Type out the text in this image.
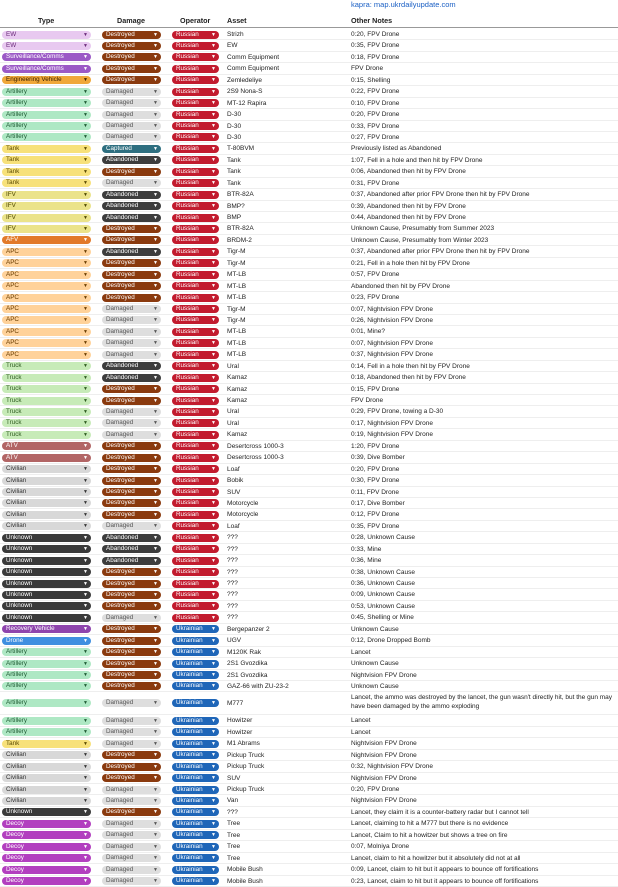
kapra: map.ukrdailyupdate.com
Type	Damage	Operator Asset	Other Notes
EW	▼	Destroyed	▼	Russian ▼ Strizh	0:20, FPV Drone
EW	▼	Destroyed	▼	Russian ▼ EW	0:35, FPV Drone
Surveillance/Comms	▼	Destroyed	▼	Russian ▼ Comm Equipment	0:18, FPV Drone
Surveillance/Comms	▼	Destroyed	▼	Russian ▼ Comm Equipment	FPV Drone
Engineering Vehicle	▼	Destroyed	▼	Russian ▼ Zemledeliye	0:15, Shelling
Artillery	▼	Damaged	▼	Russian ▼ 2S9 Nona-S	0:22, FPV Drone
Artillery	▼	Damaged	▼	Russian ▼ MT-12 Rapira	0:10, FPV Drone
Artillery	▼	Damaged	▼	Russian ▼ D-30	0:20, FPV Drone
Artillery	▼	Damaged	▼	Russian ▼ D-30	0:33, FPV Drone
Artillery	▼	Damaged	▼	Russian ▼ D-30	0:27, FPV Drone
Tank	▼	Captured	▼	Russian ▼ T-80BVM	Previously listed as Abandoned
Tank	▼	Abandoned	▼	Russian ▼ Tank	1:07, Fell in a hole and then hit by FPV Drone
Tank	▼	Destroyed	▼	Russian ▼ Tank	0:06, Abandoned then hit by FPV Drone
Tank	▼	Damaged	▼	Russian ▼ Tank	0:31, FPV Drone
IFV	▼	Abandoned	▼	Russian ▼ BTR-82A	0:37, Abandoned after prior FPV Drone then hit by FPV Drone
IFV	▼	Abandoned	▼	Russian ▼ BMP?	0:39, Abandoned then hit by FPV Drone
IFV	▼	Abandoned	▼	Russian ▼ BMP	0:44, Abandoned then hit by FPV Drone
IFV	▼	Destroyed	▼	Russian ▼ BTR-82A	Unknown Cause, Presumably from Summer 2023
AFV	▼	Destroyed	▼	Russian ▼ BRDM-2	Unknown Cause, Presumably from Winter 2023
APC	▼	Abandoned	▼	Russian ▼ Tigr-M	0:37, Abandoned after prior FPV Drone then hit by FPV Drone
APC	▼	Destroyed	▼	Russian ▼ Tigr-M	0:21, Fell in a hole then hit by FPV Drone
APC	▼	Destroyed	▼	Russian ▼ MT-LB	0:57, FPV Drone
APC	▼	Destroyed	▼	Russian ▼ MT-LB	Abandoned then hit by FPV Drone
APC	▼	Destroyed	▼	Russian ▼ MT-LB	0:23, FPV Drone
APC	▼	Damaged	▼	Russian ▼ Tigr-M	0:07, Nightvision FPV Drone
APC	▼	Damaged	▼	Russian ▼ Tigr-M	0:26, Nightvision FPV Drone
APC	▼	Damaged	▼	Russian ▼ MT-LB	0:01, Mine?
APC	▼	Damaged	▼	Russian ▼ MT-LB	0:07, Nightvision FPV Drone
APC	▼	Damaged	▼	Russian ▼ MT-LB	0:37, Nightvision FPV Drone
Truck	▼	Abandoned	▼	Russian ▼ Ural	0:14, Fell in a hole then hit by FPV Drone
Truck	▼	Abandoned	▼	Russian ▼ Kamaz	0:18, Abandoned then hit by FPV Drone
Truck	▼	Destroyed	▼	Russian ▼ Kamaz	0:15, FPV Drone
Truck	▼	Destroyed	▼	Russian ▼ Kamaz	FPV Drone
Truck	▼	Damaged	▼	Russian ▼ Ural	0:29, FPV Drone, towing a D-30
Truck	▼	Damaged	▼	Russian ▼ Ural	0:17, Nightvision FPV Drone
Truck	▼	Damaged	▼	Russian ▼ Kamaz	0:19, Nightvision FPV Drone
ATV	▼	Destroyed	▼	Russian ▼ Desertcross 1000-3	1:20, FPV Drone
ATV	▼	Destroyed	▼	Russian ▼ Desertcross 1000-3	0:39, Dive Bomber
Civilian	▼	Destroyed	▼	Russian ▼ Loaf	0:20, FPV Drone
Civilian	▼	Destroyed	▼	Russian ▼ Bobik	0:30, FPV Drone
Civilian	▼	Destroyed	▼	Russian ▼ SUV	0:11, FPV Drone
Civilian	▼	Destroyed	▼	Russian ▼ Motorcycle	0:17, Dive Bomber
Civilian	▼	Destroyed	▼	Russian ▼ Motorcycle	0:12, FPV Drone
Civilian	▼	Damaged	▼	Russian ▼ Loaf	0:35, FPV Drone
Unknown	▼	Abandoned	▼	Russian ▼ ???	0:28, Unknown Cause
Unknown	▼	Abandoned	▼	Russian ▼ ???	0:33, Mine
Unknown	▼	Abandoned	▼	Russian ▼ ???	0:36, Mine
Unknown	▼	Destroyed	▼	Russian ▼ ???	0:38, Unknown Cause
Unknown	▼	Destroyed	▼	Russian ▼ ???	0:36, Unknown Cause
Unknown	▼	Destroyed	▼	Russian ▼ ???	0:09, Unknown Cause
Unknown	▼	Destroyed	▼	Russian ▼ ???	0:53, Unknown Cause
Unknown	▼	Damaged	▼	Russian ▼ ???	0:45, Shelling or Mine
Recovery Vehicle	▼	Destroyed	▼	Ukrainian ▼ Bergepanzer 2	Unknown Cause
Drone	▼	Destroyed	▼	Ukrainian ▼ UGV	0:12, Drone Dropped Bomb
Artillery	▼	Destroyed	▼	Ukrainian ▼ M120K Rak	Lancet
Artillery	▼	Destroyed	▼	Ukrainian ▼ 2S1 Gvozdika	Unknown Cause
Artillery	▼	Destroyed	▼	Ukrainian ▼ 2S1 Gvozdika	Nightvision FPV Drone
Artillery	▼	Destroyed	▼	Ukrainian ▼ GAZ-66 with ZU-23-2	Unknown Cause
Artillery	▼	Damaged	▼	Ukrainian ▼ M777
Lancet, the ammo was destroyed by the lancet, the gun wasn't directly hit, but the gun may have been damaged by the ammo exploding
Artillery	▼	Damaged	▼	Ukrainian ▼ Howitzer	Lancet
Artillery	▼	Damaged	▼	Ukrainian ▼ Howitzer	Lancet
Tank	▼	Damaged	▼	Ukrainian ▼ M1 Abrams	Nightvision FPV Drone
Civilian	▼	Destroyed	▼	Ukrainian ▼ Pickup Truck	Nightvision FPV Drone
Civilian	▼	Destroyed	▼	Ukrainian ▼ Pickup Truck	0:32, Nightvision FPV Drone
Civilian	▼	Destroyed	▼	Ukrainian ▼ SUV	Nightvision FPV Drone
Civilian	▼	Damaged	▼	Ukrainian ▼ Pickup Truck	0:20, FPV Drone
Civilian	▼	Damaged	▼	Ukrainian ▼ Van	Nightvision FPV Drone
Unknown	▼	Destroyed	▼	Ukrainian ▼ ???	Lancet, they claim it is a counter-battery radar but I cannot tell
Decoy	▼	Damaged	▼	Ukrainian ▼ Tree	Lancet, claiming to hit a M777 but there is no evidence
Decoy	▼	Damaged	▼	Ukrainian ▼ Tree	Lancet, Claim to hit a howitzer but shows a tree on fire
Decoy	▼	Damaged	▼	Ukrainian ▼ Tree	0:07, Molniya Drone
Decoy	▼	Damaged	▼	Ukrainian ▼ Tree	Lancet, claim to hit a howitzer but it absolutely did not at all
Decoy	▼	Damaged	▼	Ukrainian ▼ Mobile Bush	0:09, Lancet, claim to hit but it appears to bounce off fortifications
Decoy	▼	Damaged	▼	Ukrainian ▼ Mobile Bush	0:23, Lancet, claim to hit but it appears to bounce off fortifications
